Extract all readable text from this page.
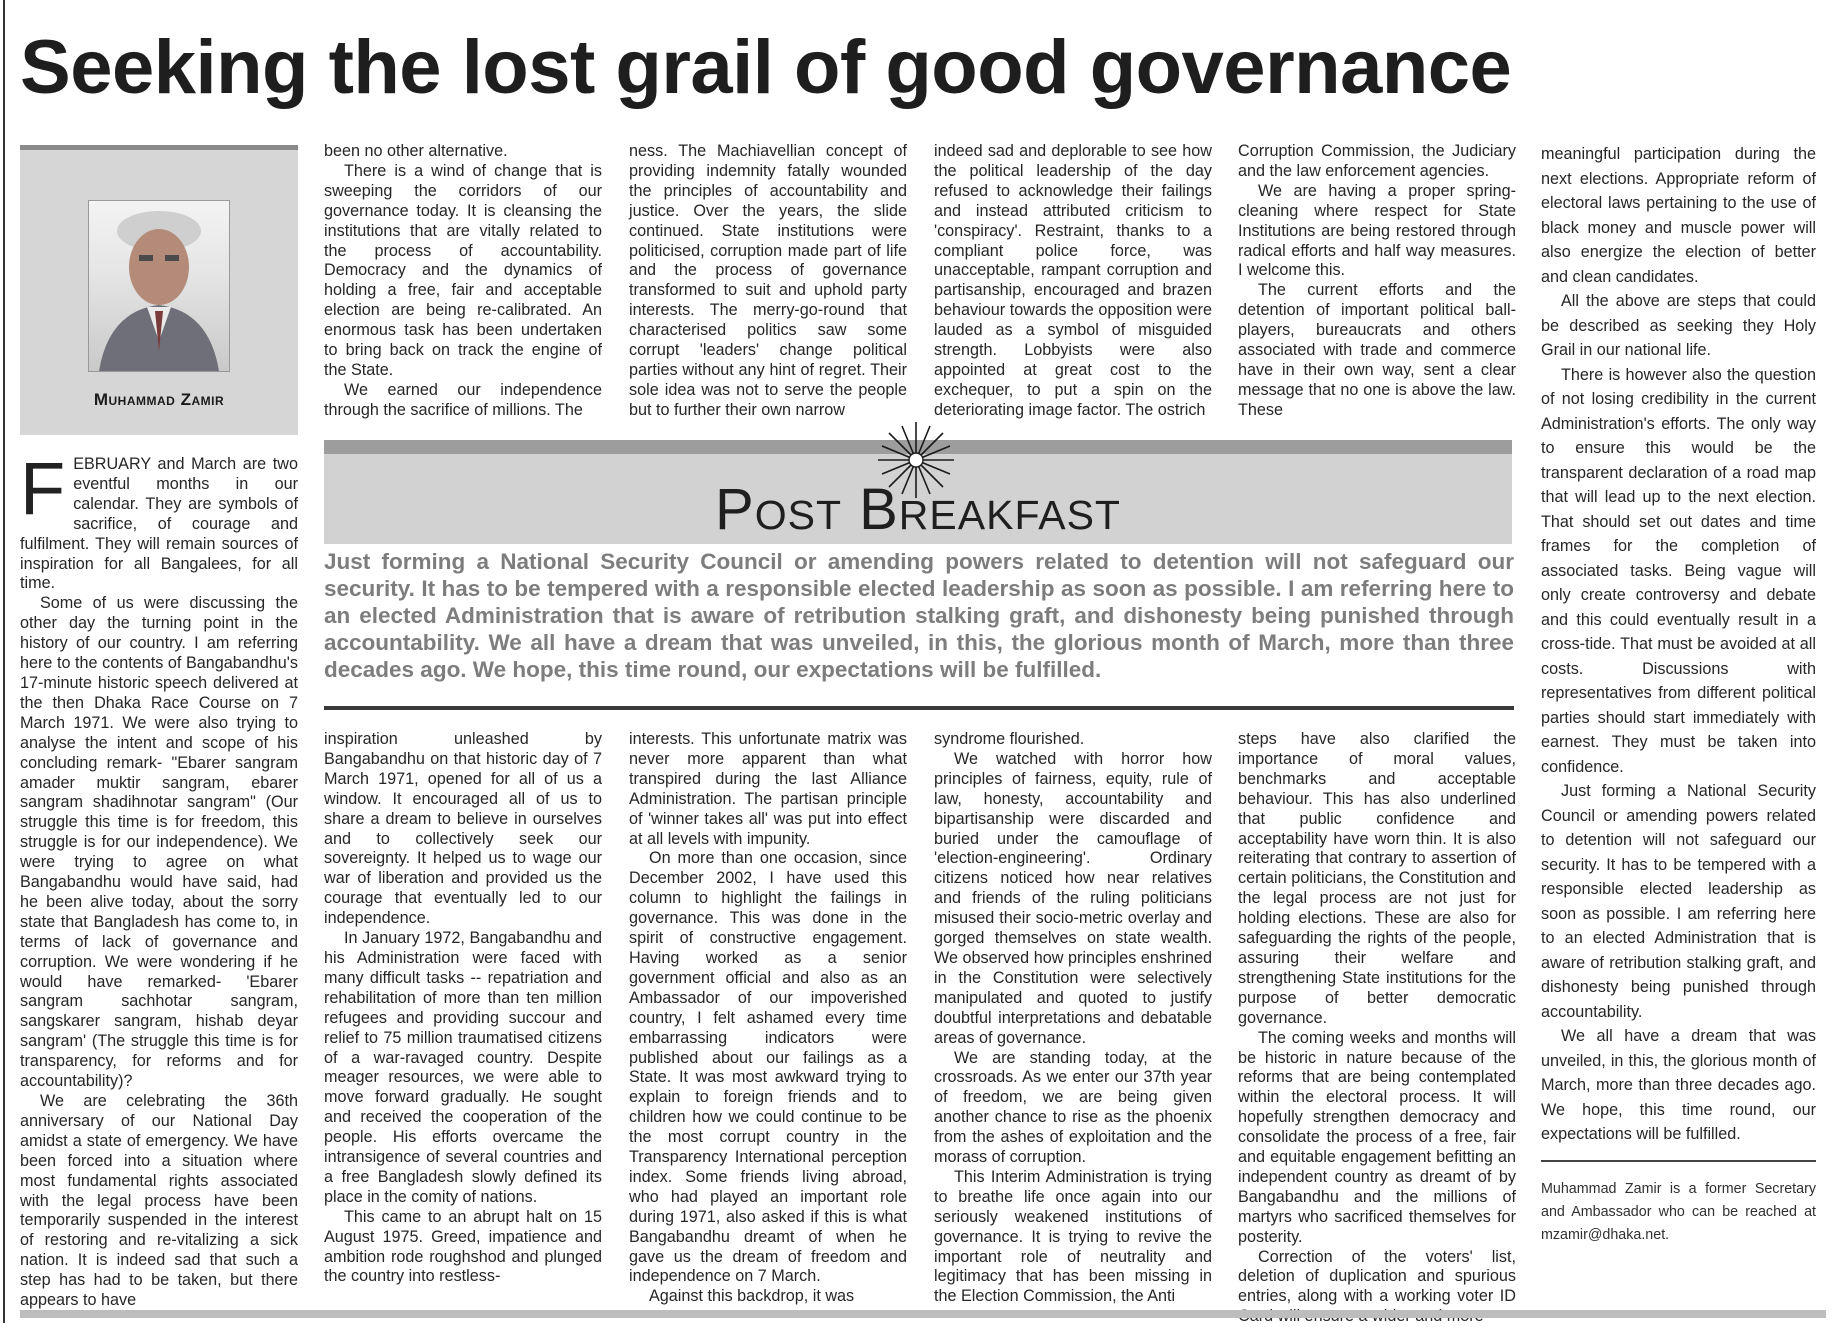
Seeking the lost grail of good governance
Muhammad Zamir

FEBRUARY and March are two eventful months in our calendar. They are symbols of sacrifice, of courage and fulfilment. They will remain sources of inspiration for all Bangalees, for all time.

Some of us were discussing the other day the turning point in the history of our country. I am referring here to the contents of Bangabandhu's 17-minute historic speech delivered at the then Dhaka Race Course on 7 March 1971. We were also trying to analyse the intent and scope of his concluding remark- "Ebarer sangram amader muktir sangram, ebarer sangram shadihnotar sangram" (Our struggle this time is for freedom, this struggle is for our independence). We were trying to agree on what Bangabandhu would have said, had he been alive today, about the sorry state that Bangladesh has come to, in terms of lack of governance and corruption. We were wondering if he would have remarked- 'Ebarer sangram sachhotar sangram, sangskarer sangram, hishab deyar sangram' (The struggle this time is for transparency, for reforms and for accountability)?

We are celebrating the 36th anniversary of our National Day amidst a state of emergency. We have been forced into a situation where most fundamental rights associated with the legal process have been temporarily suspended in the interest of restoring and re-vitalizing a sick nation. It is indeed sad that such a step has had to be taken, but there appears to have

been no other alternative.

There is a wind of change that is sweeping the corridors of our governance today. It is cleansing the institutions that are vitally related to the process of accountability. Democracy and the dynamics of holding a free, fair and acceptable election are being re-calibrated. An enormous task has been undertaken to bring back on track the engine of the State.

We earned our independence through the sacrifice of millions. The

ness. The Machiavellian concept of providing indemnity fatally wounded the principles of accountability and justice. Over the years, the slide continued. State institutions were politicised, corruption made part of life and the process of governance transformed to suit and uphold party interests. The merry-go-round that characterised politics saw some corrupt 'leaders' change political parties without any hint of regret. Their sole idea was not to serve the people but to further their own narrow

indeed sad and deplorable to see how the political leadership of the day refused to acknowledge their failings and instead attributed criticism to 'conspiracy'. Restraint, thanks to a compliant police force, was unacceptable, rampant corruption and partisanship, encouraged and brazen behaviour towards the opposition were lauded as a symbol of misguided strength. Lobbyists were also appointed at great cost to the exchequer, to put a spin on the deteriorating image factor. The ostrich

Corruption Commission, the Judiciary and the law enforcement agencies.

We are having a proper spring-cleaning where respect for State Institutions are being restored through radical efforts and half way measures. I welcome this.

The current efforts and the detention of important political ball-players, bureaucrats and others associated with trade and commerce have in their own way, sent a clear message that no one is above the law. These

Post Breakfast

Just forming a National Security Council or amending powers related to detention will not safeguard our security. It has to be tempered with a responsible elected leadership as soon as possible. I am referring here to an elected Administration that is aware of retribution stalking graft, and dishonesty being punished through accountability. We all have a dream that was unveiled, in this, the glorious month of March, more than three decades ago. We hope, this time round, our expectations will be fulfilled.

inspiration unleashed by Bangabandhu on that historic day of 7 March 1971, opened for all of us a window. It encouraged all of us to share a dream to believe in ourselves and to collectively seek our sovereignty. It helped us to wage our war of liberation and provided us the courage that eventually led to our independence.

In January 1972, Bangabandhu and his Administration were faced with many difficult tasks -- repatriation and rehabilitation of more than ten million refugees and providing succour and relief to 75 million traumatised citizens of a war-ravaged country. Despite meager resources, we were able to move forward gradually. He sought and received the cooperation of the people. His efforts overcame the intransigence of several countries and a free Bangladesh slowly defined its place in the comity of nations.

This came to an abrupt halt on 15 August 1975. Greed, impatience and ambition rode roughshod and plunged the country into restless-

interests. This unfortunate matrix was never more apparent than what transpired during the last Alliance Administration. The partisan principle of 'winner takes all' was put into effect at all levels with impunity.

On more than one occasion, since December 2002, I have used this column to highlight the failings in governance. This was done in the spirit of constructive engagement. Having worked as a senior government official and also as an Ambassador of our impoverished country, I felt ashamed every time embarrassing indicators were published about our failings as a State. It was most awkward trying to explain to foreign friends and to children how we could continue to be the most corrupt country in the Transparency International perception index. Some friends living abroad, who had played an important role during 1971, also asked if this is what Bangabandhu dreamt of when he gave us the dream of freedom and independence on 7 March.

Against this backdrop, it was

syndrome flourished.

We watched with horror how principles of fairness, equity, rule of law, honesty, accountability and bipartisanship were discarded and buried under the camouflage of 'election-engineering'. Ordinary citizens noticed how near relatives and friends of the ruling politicians misused their socio-metric overlay and gorged themselves on state wealth. We observed how principles enshrined in the Constitution were selectively manipulated and quoted to justify doubtful interpretations and debatable areas of governance.

We are standing today, at the crossroads. As we enter our 37th year of freedom, we are being given another chance to rise as the phoenix from the ashes of exploitation and the morass of corruption.

This Interim Administration is trying to breathe life once again into our seriously weakened institutions of governance. It is trying to revive the important role of neutrality and legitimacy that has been missing in the Election Commission, the Anti

steps have also clarified the importance of moral values, benchmarks and acceptable behaviour. This has also underlined that public confidence and acceptability have worn thin. It is also reiterating that contrary to assertion of certain politicians, the Constitution and the legal process are not just for holding elections. These are also for safeguarding the rights of the people, assuring their welfare and strengthening State institutions for the purpose of better democratic governance.

The coming weeks and months will be historic in nature because of the reforms that are being contemplated within the electoral process. It will hopefully strengthen democracy and consolidate the process of a free, fair and equitable engagement befitting an independent country as dreamt of by Bangabandhu and the millions of martyrs who sacrificed themselves for posterity.

Correction of the voters' list, deletion of duplication and spurious entries, along with a working voter ID

meaningful participation during the next elections. Appropriate reform of electoral laws pertaining to the use of black money and muscle power will also energize the election of better and clean candidates.

All the above are steps that could be described as seeking they Holy Grail in our national life.

There is however also the question of not losing credibility in the current Administration's efforts. The only way to ensure this would be the transparent declaration of a road map that will lead up to the next election. That should set out dates and time frames for the completion of associated tasks. Being vague will only create controversy and debate and this could eventually result in a cross-tide. That must be avoided at all costs. Discussions with representatives from different political parties should start immediately with earnest. They must be taken into confidence.

Just forming a National Security Council or amending powers related to detention will not safeguard our security. It has to be tempered with a responsible elected leadership as soon as possible. I am referring here to an elected Administration that is aware of retribution stalking graft, and dishonesty being punished through accountability.

We all have a dream that was unveiled, in this, the glorious month of March, more than three decades ago. We hope, this time round, our expectations will be fulfilled.

Muhammad Zamir is a former Secretary and Ambassador who can be reached at mzamir@dhaka.net.
